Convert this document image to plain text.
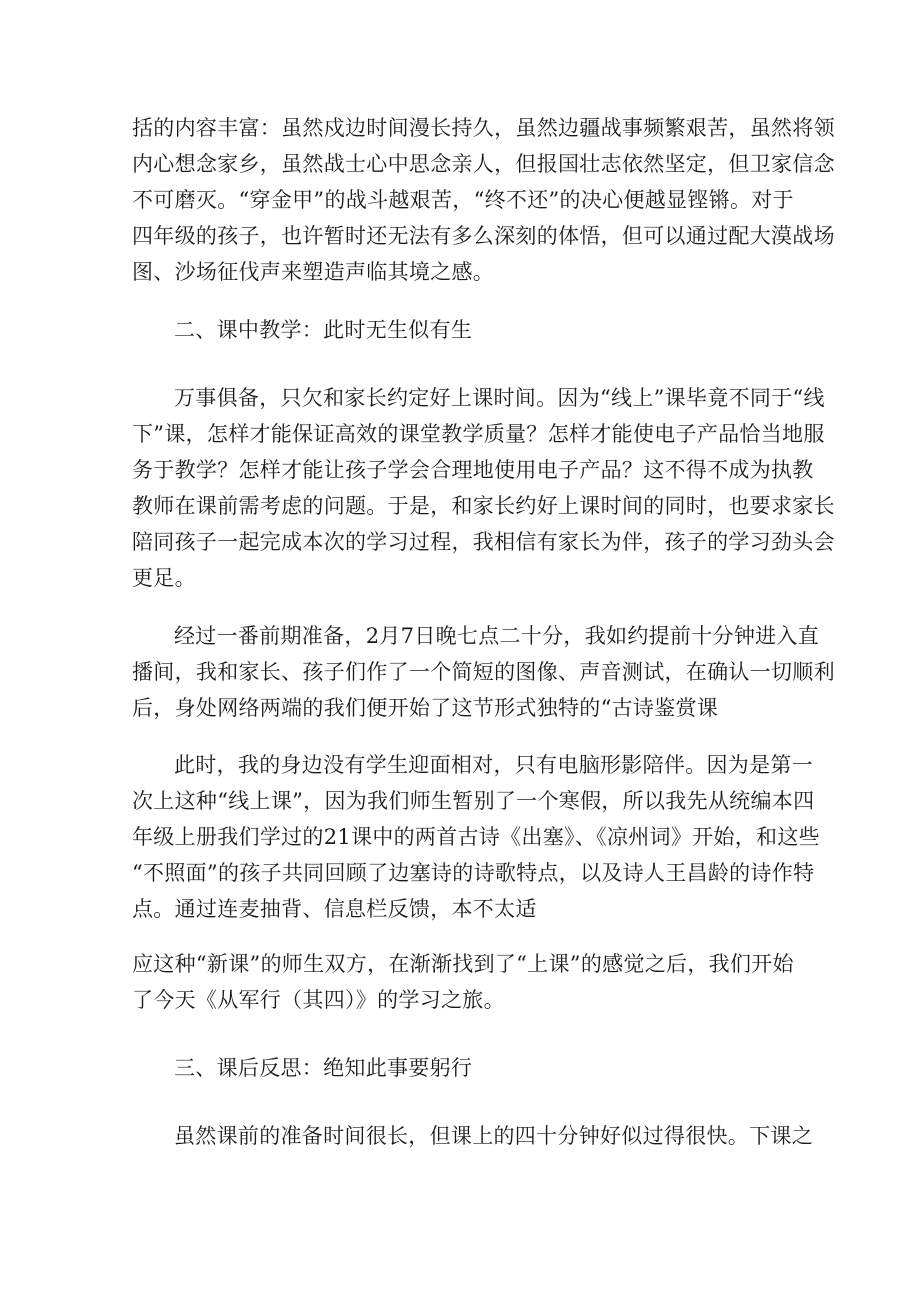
括的内容丰富：虽然戍边时间漫长持久，虽然边疆战事频繁艰苦，虽然将领
内心想念家乡，虽然战士心中思念亲人，但报国壮志依然坚定，但卫家信念
不可磨灭。“穿金甲”的战斗越艰苦，“终不还”的决心便越显铿锵。对于
四年级的孩子，也许暂时还无法有多么深刻的体悟，但可以通过配大漠战场
图、沙场征伐声来塑造声临其境之感。
二、课中教学：此时无生似有生
万事俱备，只欠和家长约定好上课时间。因为“线上”课毕竟不同于“线
下”课，怎样才能保证高效的课堂教学质量？怎样才能使电子产品恰当地服
务于教学？怎样才能让孩子学会合理地使用电子产品？这不得不成为执教
教师在课前需考虑的问题。于是，和家长约好上课时间的同时，也要求家长
陪同孩子一起完成本次的学习过程，我相信有家长为伴，孩子的学习劲头会
更足。
经过一番前期准备，2月7日晚七点二十分，我如约提前十分钟进入直
播间，我和家长、孩子们作了一个简短的图像、声音测试，在确认一切顺利
后，身处网络两端的我们便开始了这节形式独特的“古诗鉴赏课
此时，我的身边没有学生迎面相对，只有电脑形影陪伴。因为是第一
次上这种“线上课”，因为我们师生暂别了一个寒假，所以我先从统编本四
年级上册我们学过的21课中的两首古诗《出塞》、《凉州词》开始，和这些
“不照面”的孩子共同回顾了边塞诗的诗歌特点，以及诗人王昌龄的诗作特
点。通过连麦抽背、信息栏反馈，本不太适
应这种“新课”的师生双方，在渐渐找到了“上课”的感觉之后，我们开始
了今天《从军行（其四）》的学习之旅。
三、课后反思：绝知此事要躬行
虽然课前的准备时间很长，但课上的四十分钟好似过得很快。下课之
